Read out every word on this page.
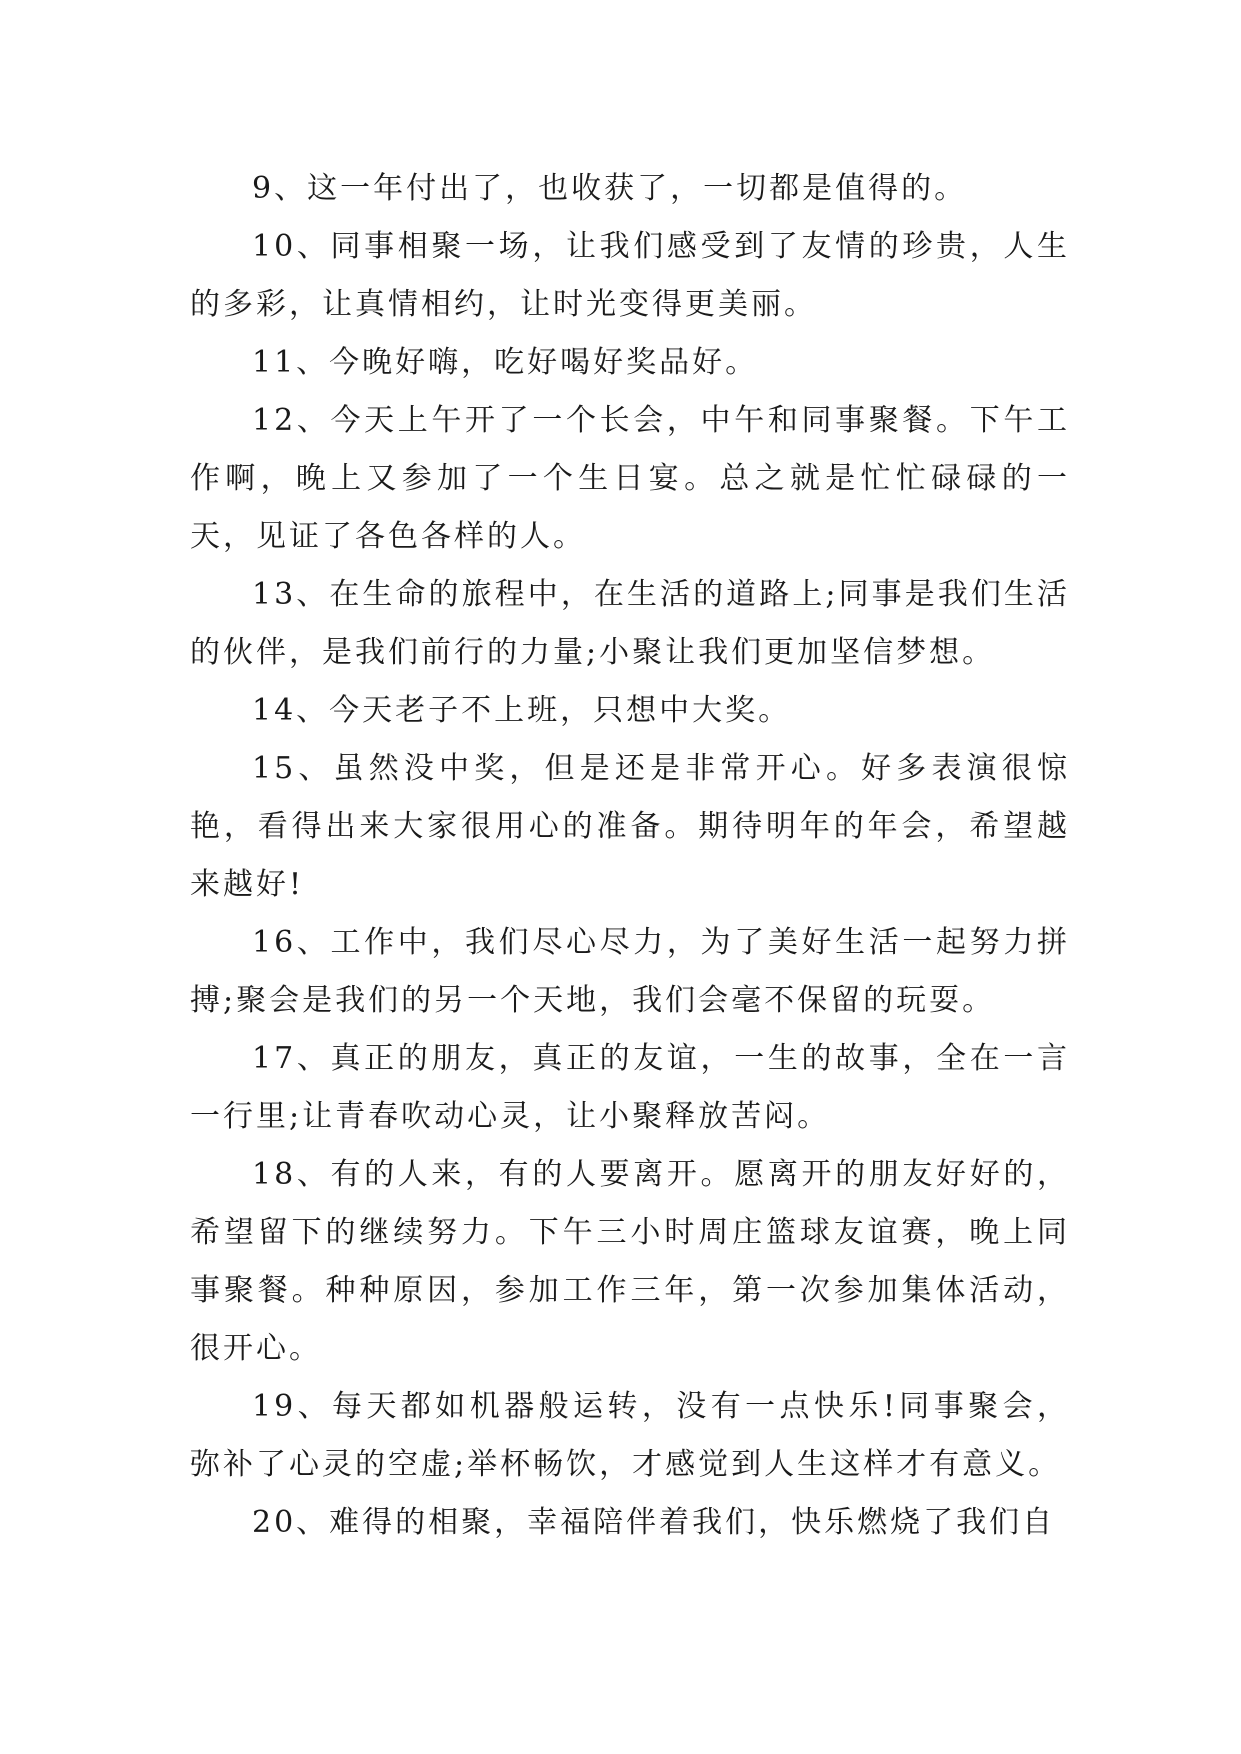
9、这一年付出了，也收获了，一切都是值得的。

10、同事相聚一场，让我们感受到了友情的珍贵，人生的多彩，让真情相约，让时光变得更美丽。

11、今晚好嗨，吃好喝好奖品好。

12、今天上午开了一个长会，中午和同事聚餐。下午工作啊，晚上又参加了一个生日宴。总之就是忙忙碌碌的一天，见证了各色各样的人。

13、在生命的旅程中，在生活的道路上;同事是我们生活的伙伴，是我们前行的力量;小聚让我们更加坚信梦想。

14、今天老子不上班，只想中大奖。

15、虽然没中奖，但是还是非常开心。好多表演很惊艳，看得出来大家很用心的准备。期待明年的年会，希望越来越好!

16、工作中，我们尽心尽力，为了美好生活一起努力拼搏;聚会是我们的另一个天地，我们会毫不保留的玩耍。

17、真正的朋友，真正的友谊，一生的故事，全在一言一行里;让青春吹动心灵，让小聚释放苦闷。

18、有的人来，有的人要离开。愿离开的朋友好好的，希望留下的继续努力。下午三小时周庄篮球友谊赛，晚上同事聚餐。种种原因，参加工作三年，第一次参加集体活动，很开心。

19、每天都如机器般运转，没有一点快乐!同事聚会，弥补了心灵的空虚;举杯畅饮，才感觉到人生这样才有意义。

20、难得的相聚，幸福陪伴着我们，快乐燃烧了我们自
